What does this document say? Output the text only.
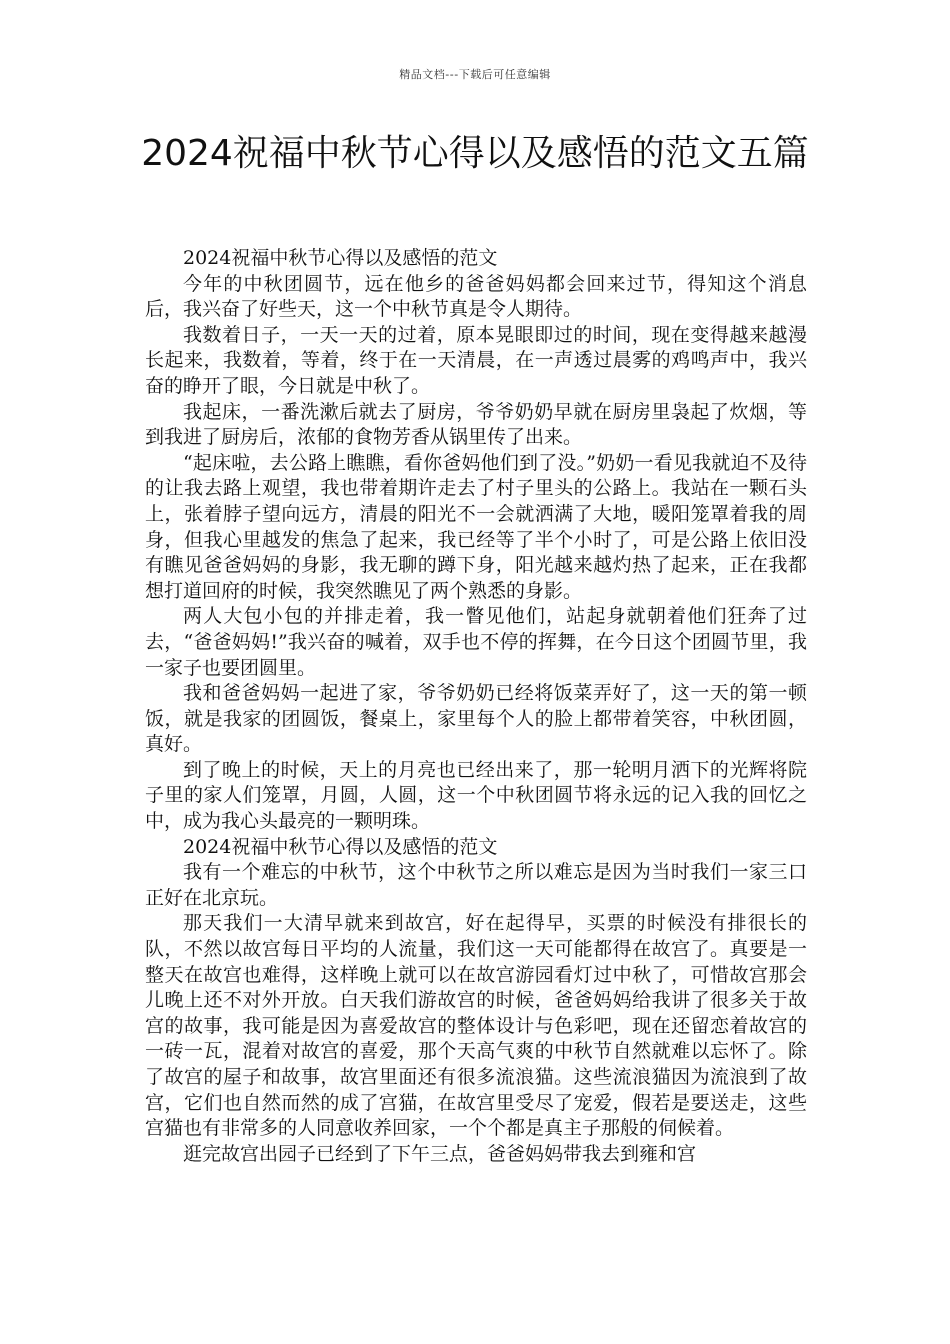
精品文档---下载后可任意编辑
2024祝福中秋节心得以及感悟的范文五篇

2024祝福中秋节心得以及感悟的范文

今年的中秋团圆节，远在他乡的爸爸妈妈都会回来过节，得知这个消息后，我兴奋了好些天，这一个中秋节真是令人期待。

我数着日子，一天一天的过着，原本晃眼即过的时间，现在变得越来越漫长起来，我数着，等着，终于在一天清晨，在一声透过晨雾的鸡鸣声中，我兴奋的睁开了眼，今日就是中秋了。

我起床，一番洗漱后就去了厨房，爷爷奶奶早就在厨房里袅起了炊烟，等到我进了厨房后，浓郁的食物芳香从锅里传了出来。

“起床啦，去公路上瞧瞧，看你爸妈他们到了没。”奶奶一看见我就迫不及待的让我去路上观望，我也带着期许走去了村子里头的公路上。我站在一颗石头上，张着脖子望向远方，清晨的阳光不一会就洒满了大地，暖阳笼罩着我的周身，但我心里越发的焦急了起来，我已经等了半个小时了，可是公路上依旧没有瞧见爸爸妈妈的身影，我无聊的蹲下身，阳光越来越灼热了起来，正在我都想打道回府的时候，我突然瞧见了两个熟悉的身影。

两人大包小包的并排走着，我一瞥见他们，站起身就朝着他们狂奔了过去，“爸爸妈妈!”我兴奋的喊着，双手也不停的挥舞，在今日这个团圆节里，我一家子也要团圆里。

我和爸爸妈妈一起进了家，爷爷奶奶已经将饭菜弄好了，这一天的第一顿饭，就是我家的团圆饭，餐桌上，家里每个人的脸上都带着笑容，中秋团圆，真好。

到了晚上的时候，天上的月亮也已经出来了，那一轮明月洒下的光辉将院子里的家人们笼罩，月圆，人圆，这一个中秋团圆节将永远的记入我的回忆之中，成为我心头最亮的一颗明珠。

2024祝福中秋节心得以及感悟的范文

我有一个难忘的中秋节，这个中秋节之所以难忘是因为当时我们一家三口正好在北京玩。

那天我们一大清早就来到故宫，好在起得早，买票的时候没有排很长的队，不然以故宫每日平均的人流量，我们这一天可能都得在故宫了。真要是一整天在故宫也难得，这样晚上就可以在故宫游园看灯过中秋了，可惜故宫那会儿晚上还不对外开放。白天我们游故宫的时候，爸爸妈妈给我讲了很多关于故宫的故事，我可能是因为喜爱故宫的整体设计与色彩吧，现在还留恋着故宫的一砖一瓦，混着对故宫的喜爱，那个天高气爽的中秋节自然就难以忘怀了。除了故宫的屋子和故事，故宫里面还有很多流浪猫。这些流浪猫因为流浪到了故宫，它们也自然而然的成了宫猫，在故宫里受尽了宠爱，假若是要送走，这些宫猫也有非常多的人同意收养回家，一个个都是真主子那般的伺候着。

逛完故宫出园子已经到了下午三点，爸爸妈妈带我去到雍和宫
